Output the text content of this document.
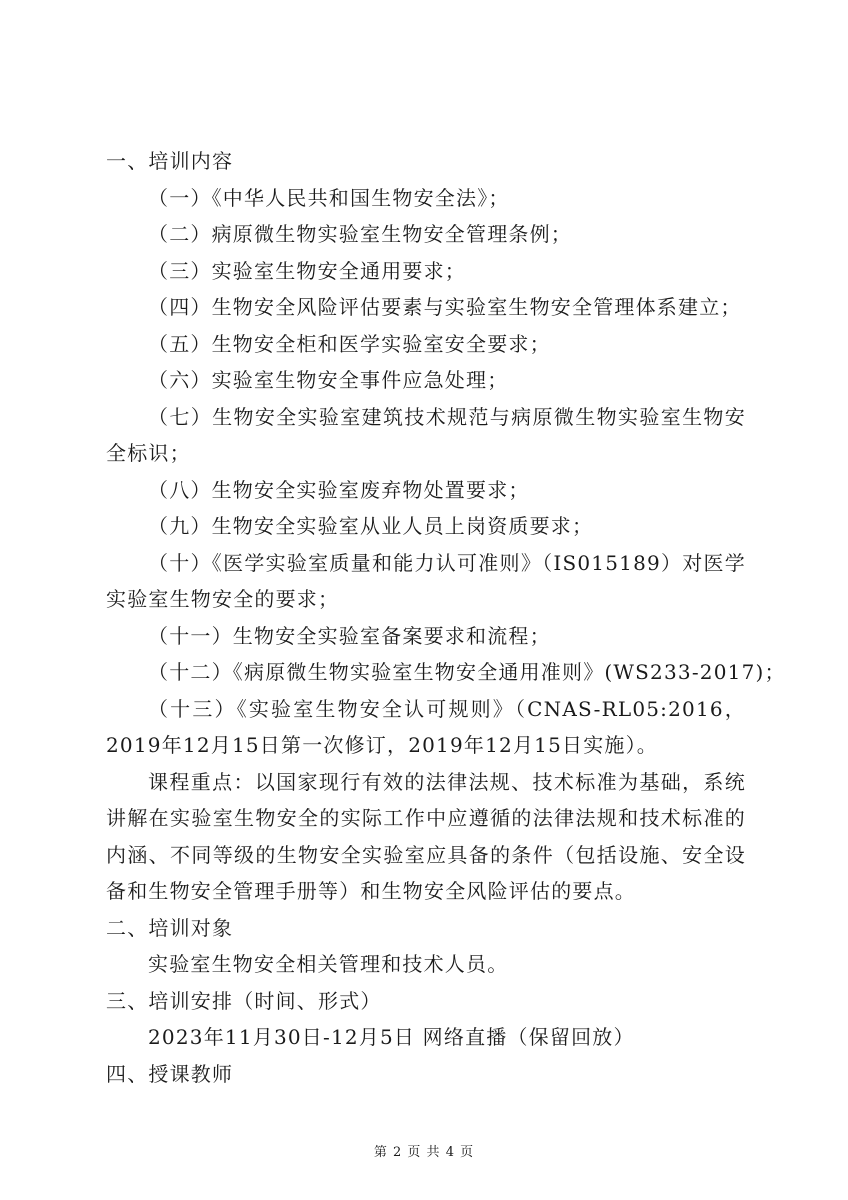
一、培训内容

（一）《中华人民共和国生物安全法》；

（二）病原微生物实验室生物安全管理条例；

（三）实验室生物安全通用要求；

（四）生物安全风险评估要素与实验室生物安全管理体系建立；

（五）生物安全柜和医学实验室安全要求；

（六）实验室生物安全事件应急处理；

（七）生物安全实验室建筑技术规范与病原微生物实验室生物安全标识；

（八）生物安全实验室废弃物处置要求；

（九）生物安全实验室从业人员上岗资质要求；

（十）《医学实验室质量和能力认可准则》（IS015189）对医学实验室生物安全的要求；

（十一）生物安全实验室备案要求和流程；

（十二）《病原微生物实验室生物安全通用准则》(WS233-2017)；

（十三）《实验室生物安全认可规则》（CNAS-RL05:2016，2019年12月15日第一次修订，2019年12月15日实施）。

课程重点：以国家现行有效的法律法规、技术标准为基础，系统讲解在实验室生物安全的实际工作中应遵循的法律法规和技术标准的内涵、不同等级的生物安全实验室应具备的条件（包括设施、安全设备和生物安全管理手册等）和生物安全风险评估的要点。

二、培训对象

实验室生物安全相关管理和技术人员。

三、培训安排（时间、形式）

2023年11月30日-12月5日 网络直播（保留回放）

四、授课教师

第 2 页 共 4 页
